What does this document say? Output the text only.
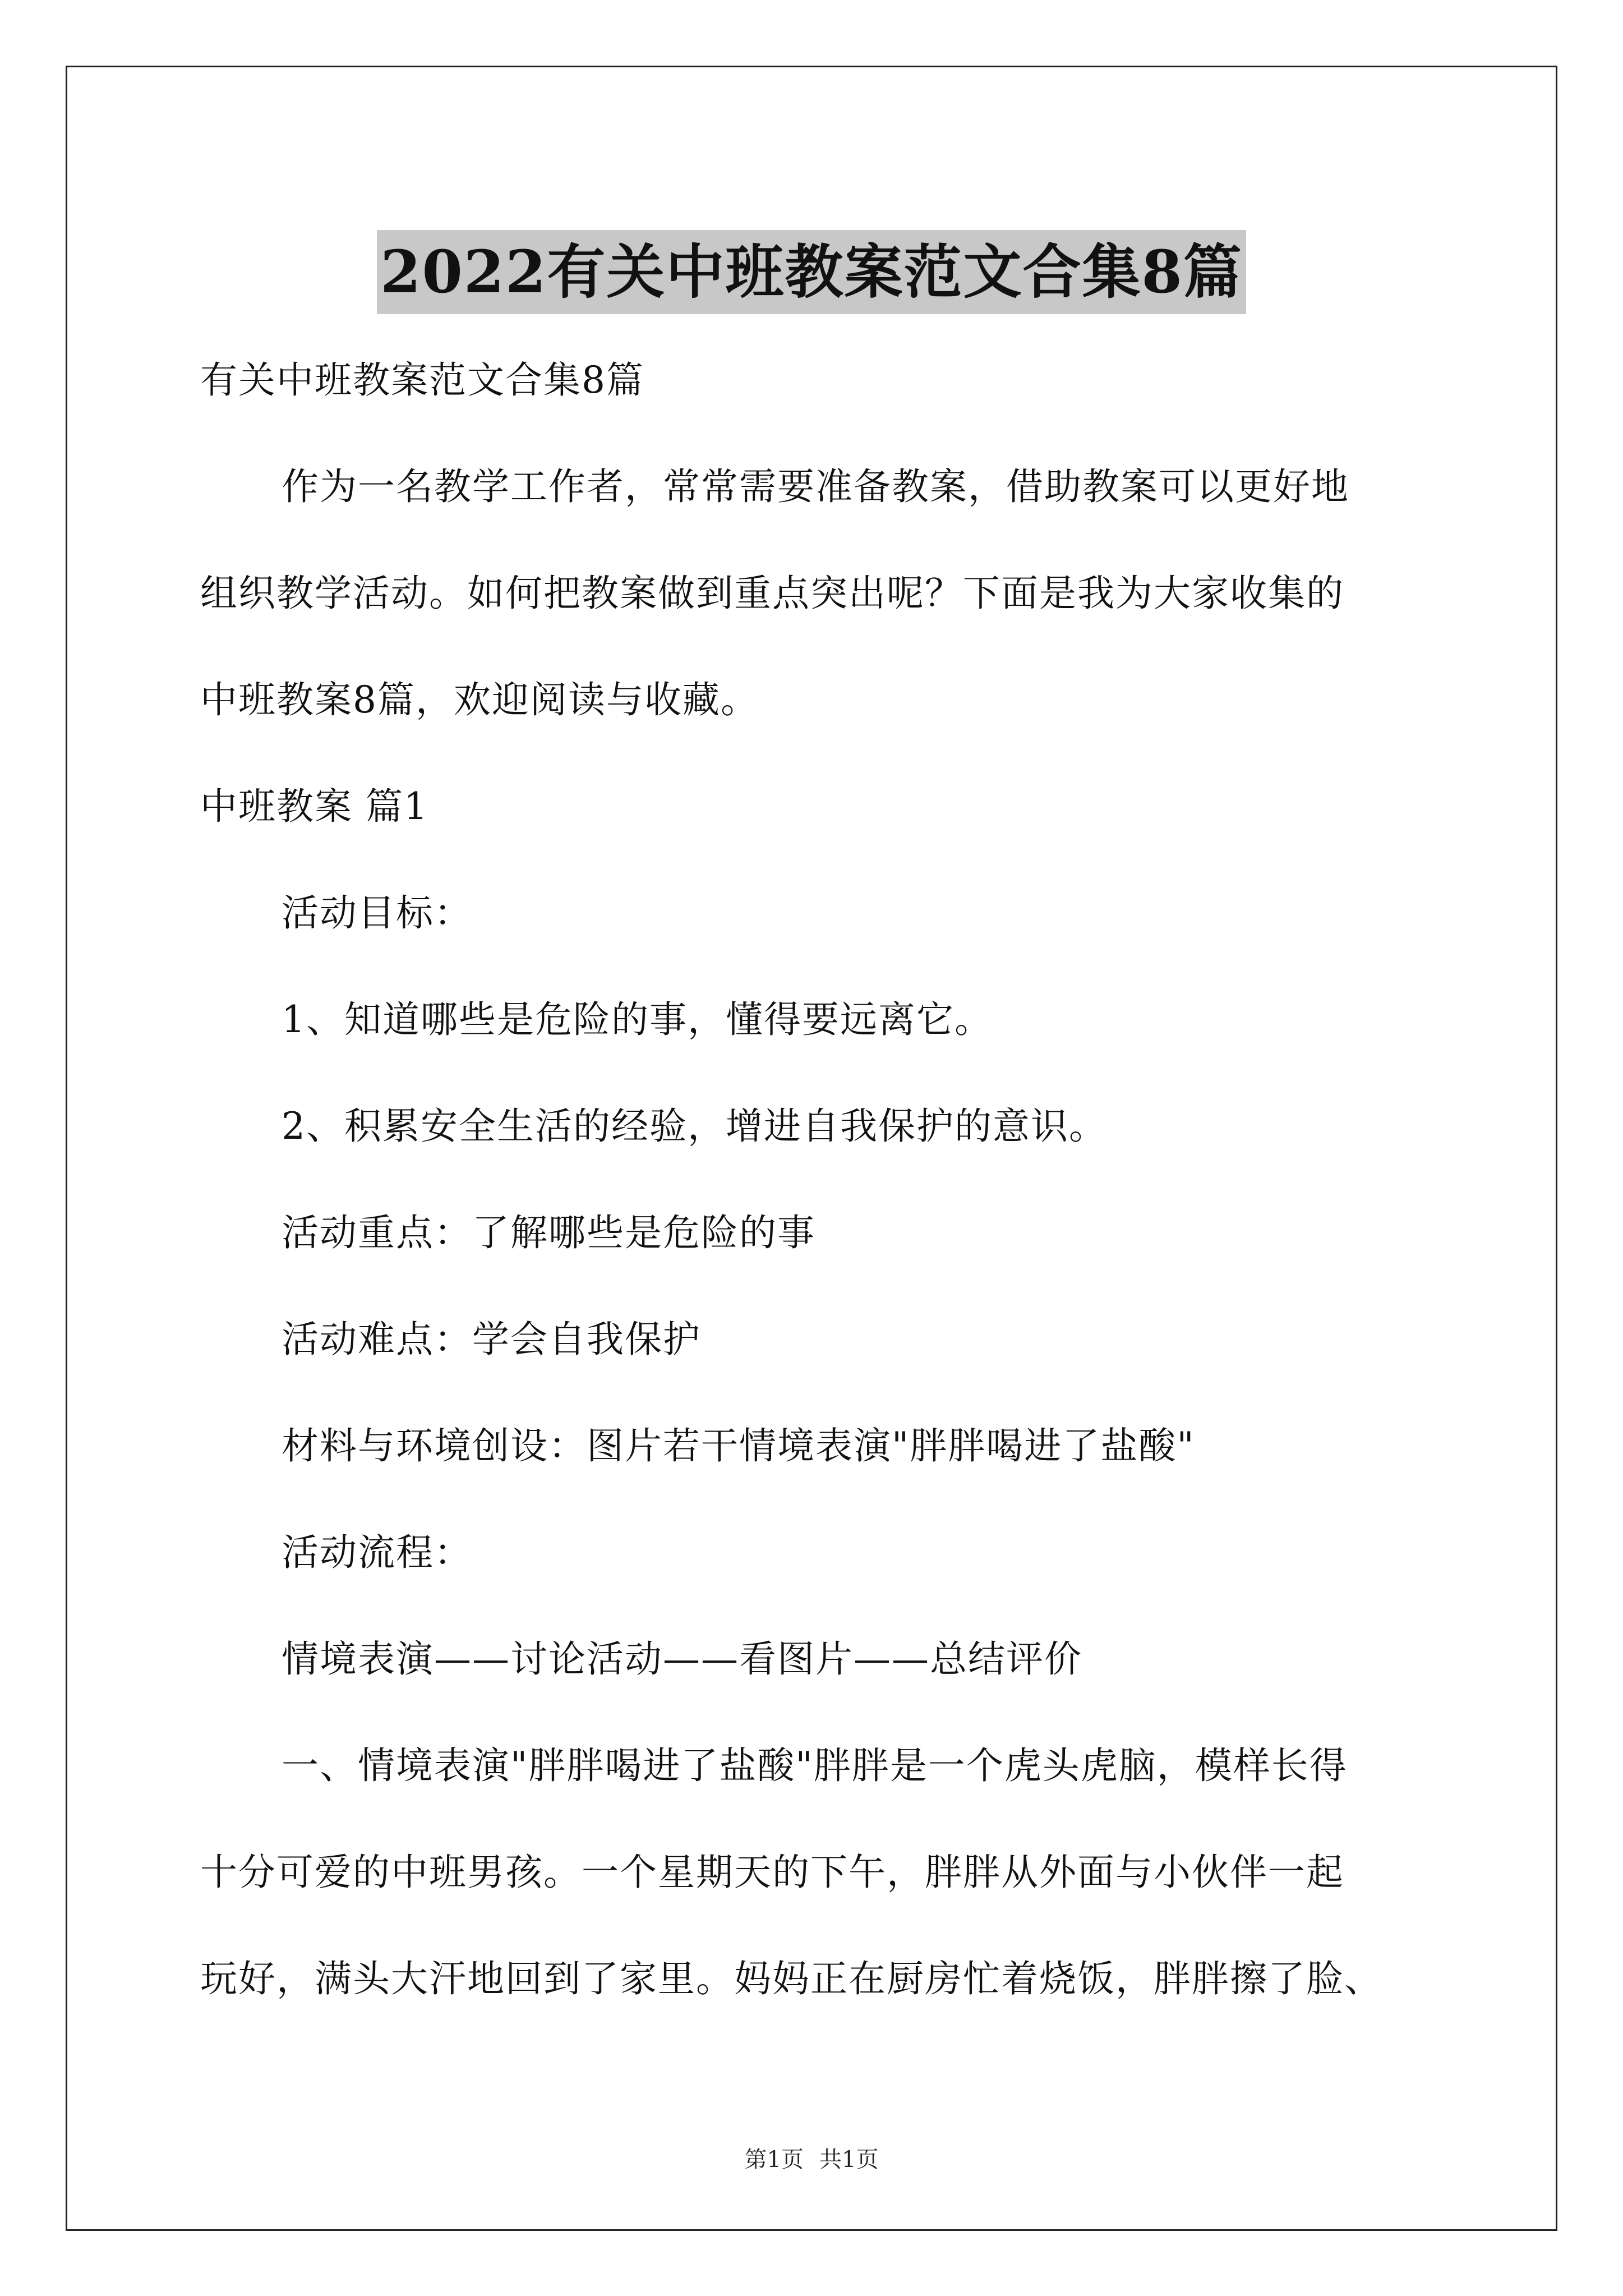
2022有关中班教案范文合集8篇

有关中班教案范文合集8篇

作为一名教学工作者，常常需要准备教案，借助教案可以更好地

组织教学活动。如何把教案做到重点突出呢？下面是我为大家收集的

中班教案8篇，欢迎阅读与收藏。

中班教案 篇1

活动目标：

1、知道哪些是危险的事，懂得要远离它。

2、积累安全生活的经验，增进自我保护的意识。

活动重点：了解哪些是危险的事

活动难点：学会自我保护

材料与环境创设：图片若干情境表演"胖胖喝进了盐酸"

活动流程：

情境表演——讨论活动——看图片——总结评价

一、情境表演"胖胖喝进了盐酸"胖胖是一个虎头虎脑，模样长得

十分可爱的中班男孩。一个星期天的下午，胖胖从外面与小伙伴一起

玩好，满头大汗地回到了家里。妈妈正在厨房忙着烧饭，胖胖擦了脸、

第1页 共1页
